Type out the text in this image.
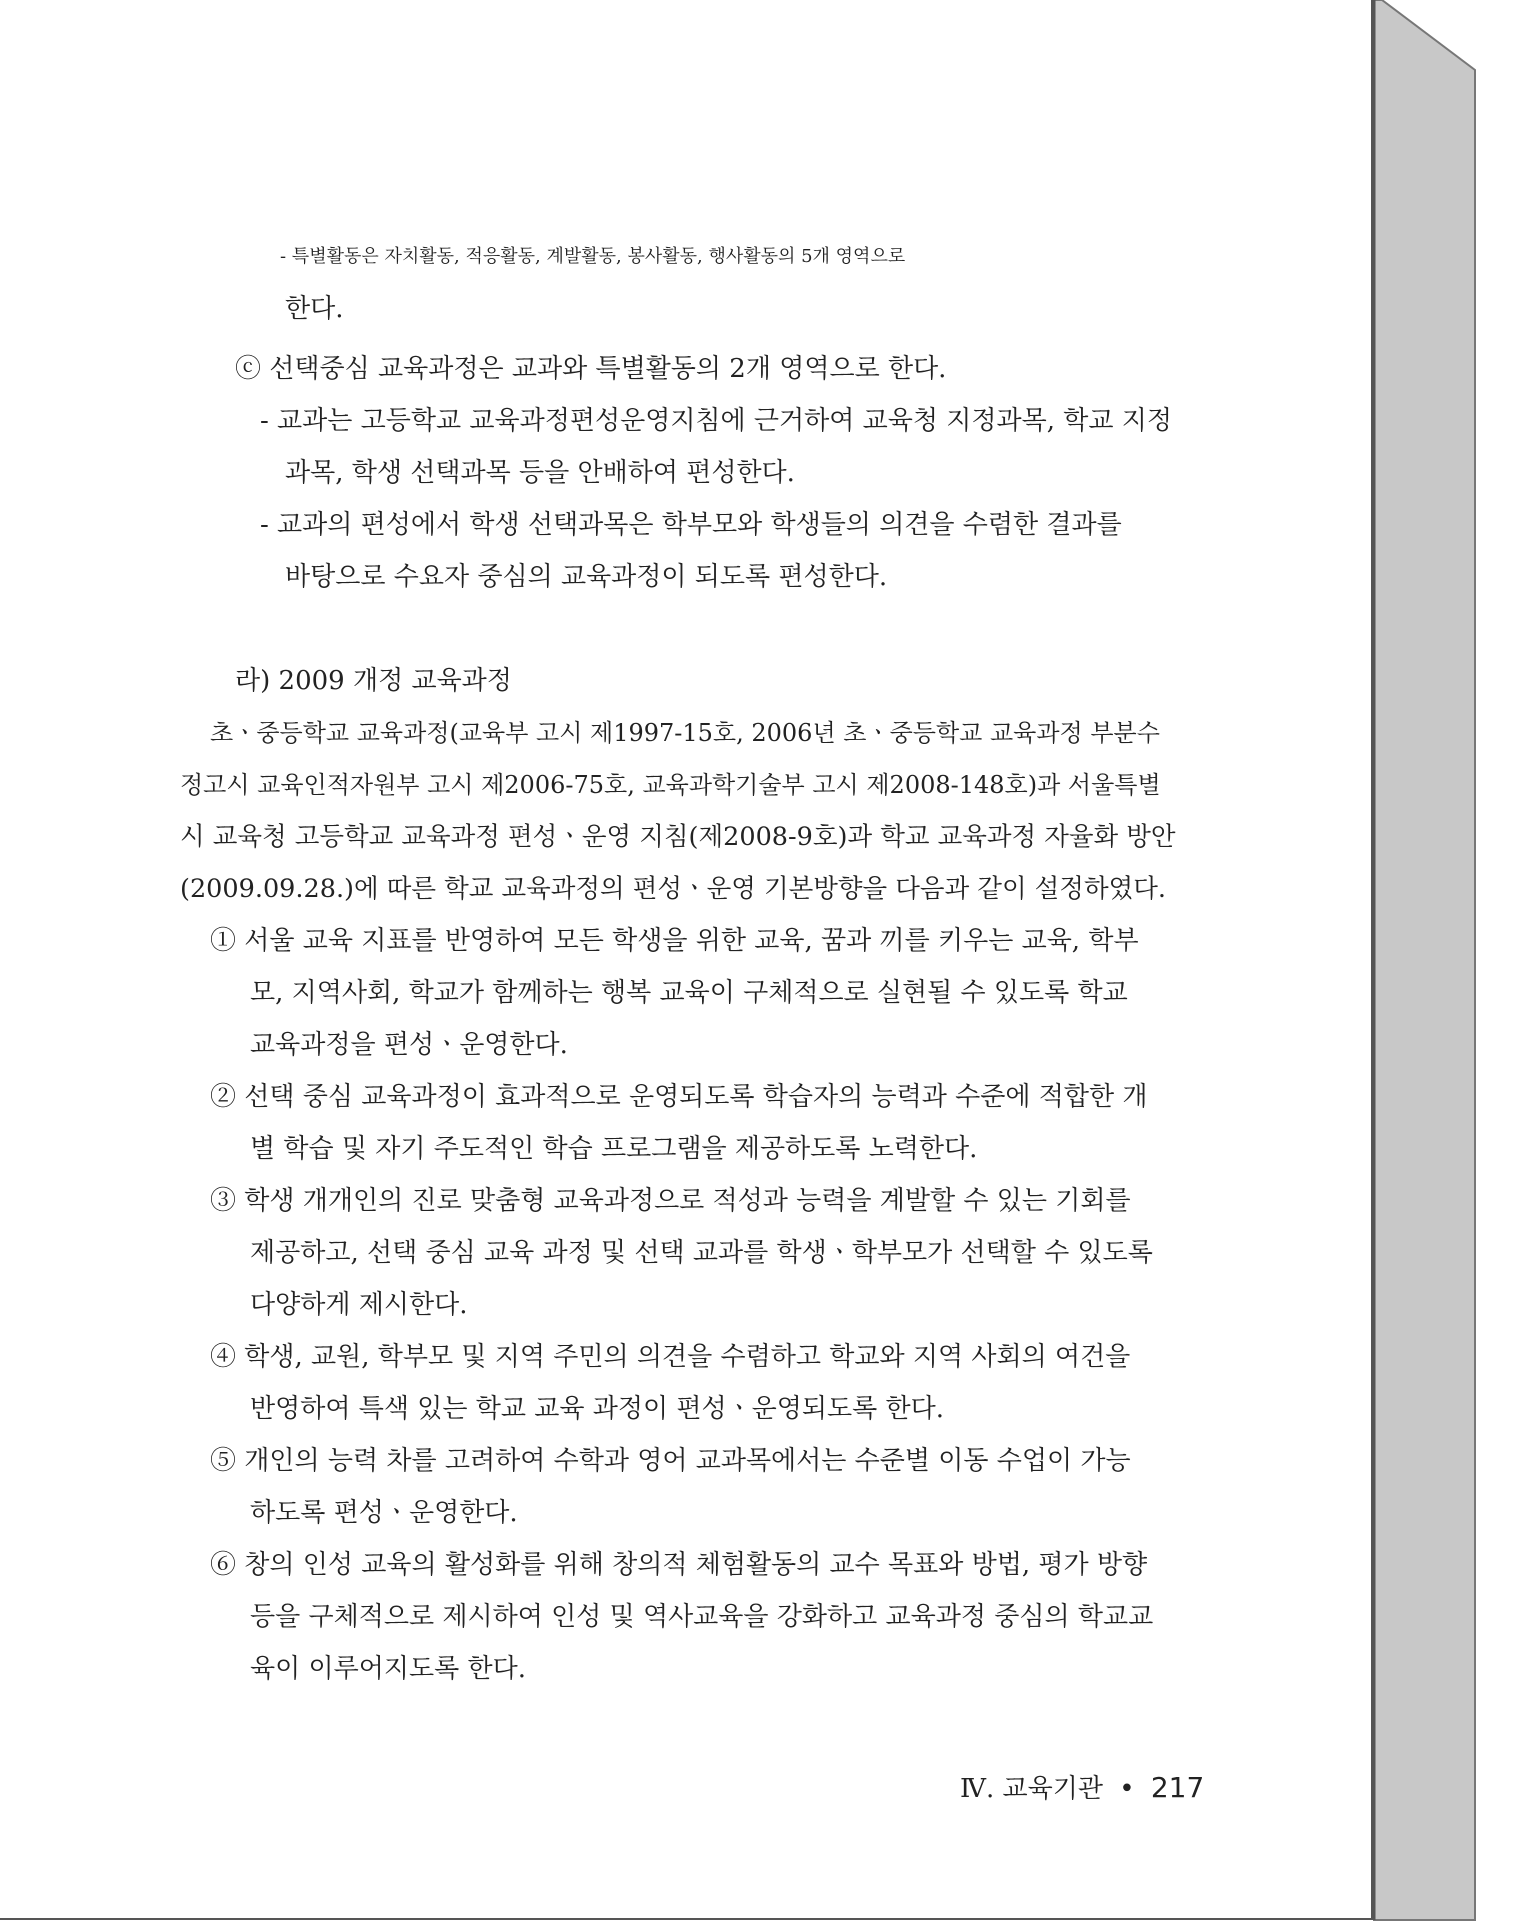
- 특별활동은 자치활동, 적응활동, 계발활동, 봉사활동, 행사활동의 5개 영역으로
한다.
ⓒ 선택중심 교육과정은 교과와 특별활동의 2개 영역으로 한다.
- 교과는 고등학교 교육과정편성운영지침에 근거하여 교육청 지정과목, 학교 지정
과목, 학생 선택과목 등을 안배하여 편성한다.
- 교과의 편성에서 학생 선택과목은 학부모와 학생들의 의견을 수렴한 결과를
바탕으로 수요자 중심의 교육과정이 되도록 편성한다.
라) 2009 개정 교육과정
초ㆍ중등학교 교육과정(교육부 고시 제1997-15호, 2006년 초ㆍ중등학교 교육과정 부분수
정고시 교육인적자원부 고시 제2006-75호, 교육과학기술부 고시 제2008-148호)과 서울특별
시 교육청 고등학교 교육과정 편성ㆍ운영 지침(제2008-9호)과 학교 교육과정 자율화 방안
(2009.09.28.)에 따른 학교 교육과정의 편성ㆍ운영 기본방향을 다음과 같이 설정하였다.
① 서울 교육 지표를 반영하여 모든 학생을 위한 교육, 꿈과 끼를 키우는 교육, 학부
모, 지역사회, 학교가 함께하는 행복 교육이 구체적으로 실현될 수 있도록 학교
교육과정을 편성ㆍ운영한다.
② 선택 중심 교육과정이 효과적으로 운영되도록 학습자의 능력과 수준에 적합한 개
별 학습 및 자기 주도적인 학습 프로그램을 제공하도록 노력한다.
③ 학생 개개인의 진로 맞춤형 교육과정으로 적성과 능력을 계발할 수 있는 기회를
제공하고, 선택 중심 교육 과정 및 선택 교과를 학생ㆍ학부모가 선택할 수 있도록
다양하게 제시한다.
④ 학생, 교원, 학부모 및 지역 주민의 의견을 수렴하고 학교와 지역 사회의 여건을
반영하여 특색 있는 학교 교육 과정이 편성ㆍ운영되도록 한다.
⑤ 개인의 능력 차를 고려하여 수학과 영어 교과목에서는 수준별 이동 수업이 가능
하도록 편성ㆍ운영한다.
⑥ 창의 인성 교육의 활성화를 위해 창의적 체험활동의 교수 목표와 방법, 평가 방향
등을 구체적으로 제시하여 인성 및 역사교육을 강화하고 교육과정 중심의 학교교
육이 이루어지도록 한다.
Ⅳ. 교육기관 • 217
